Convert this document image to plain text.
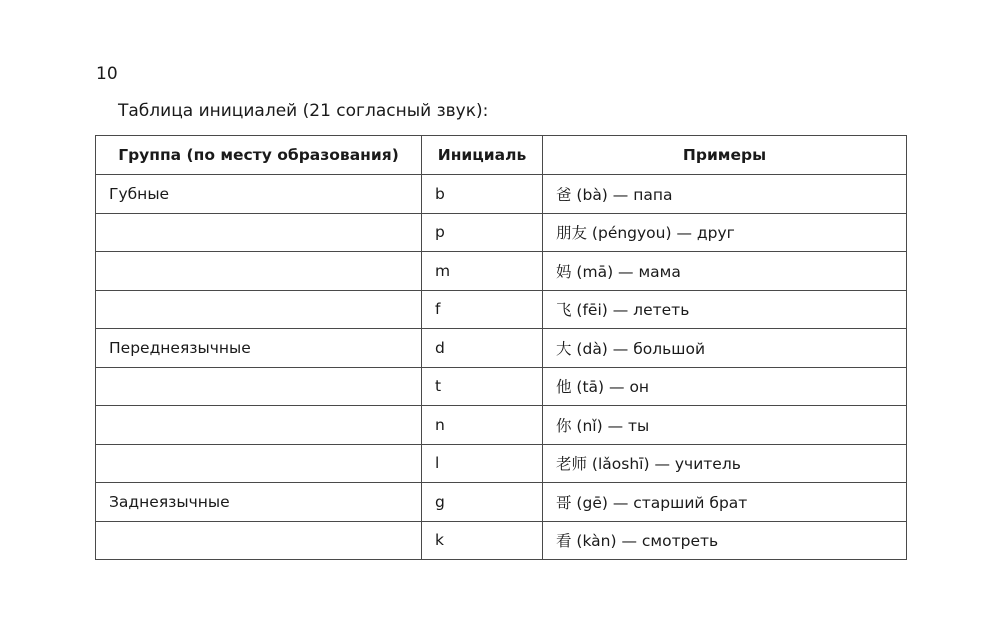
10
Таблица инициалей (21 согласный звук):
Группа (по месту образования)	Инициаль	Примеры
Губные	b	爸 (bà) — папа
	p	朋友 (péngyou) — друг
	m	妈 (mā) — мама
	f	飞 (fēi) — лететь
Переднеязычные	d	大 (dà) — большой
	t	他 (tā) — он
	n	你 (nǐ) — ты
	l	老师 (lǎoshī) — учитель
Заднеязычные	g	哥 (gē) — старший брат
	k	看 (kàn) — смотреть
